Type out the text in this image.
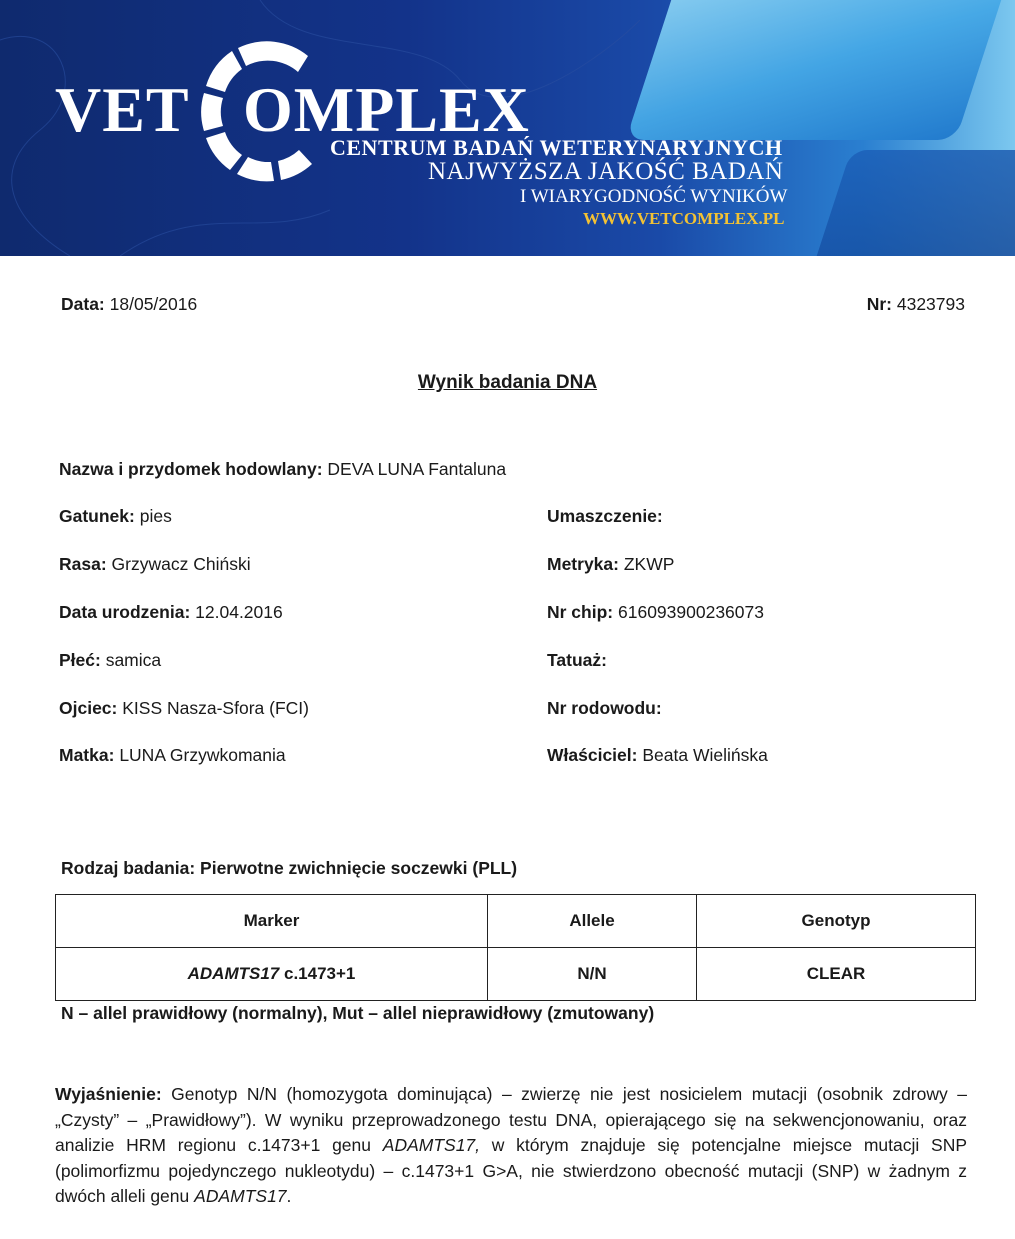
VET OMPLEX
CENTRUM BADAŃ WETERYNARYJNYCH
NAJWYŻSZA JAKOŚĆ BADAŃ
I WIARYGODNOŚĆ WYNIKÓW
WWW.VETCOMPLEX.PL
Data: 18/05/2016	Nr: 4323793
Wynik badania DNA
Nazwa i przydomek hodowlany: DEVA LUNA Fantaluna
Gatunek: pies
Rasa: Grzywacz Chiński
Data urodzenia: 12.04.2016
Płeć: samica
Ojciec: KISS Nasza-Sfora (FCI)
Matka: LUNA Grzywkomania
Umaszczenie:
Metryka: ZKWP
Nr chip: 616093900236073
Tatuaż:
Nr rodowodu:
Właściciel: Beata Wielińska
Rodzaj badania: Pierwotne zwichnięcie soczewki (PLL)
Marker	Allele	Genotyp
ADAMTS17 c.1473+1	N/N	CLEAR
N – allel prawidłowy (normalny), Mut – allel nieprawidłowy (zmutowany)
Wyjaśnienie: Genotyp N/N (homozygota dominująca) – zwierzę nie jest nosicielem mutacji (osobnik zdrowy – „Czysty” – „Prawidłowy”). W wyniku przeprowadzonego testu DNA, opierającego się na sekwencjonowaniu, oraz analizie HRM regionu c.1473+1 genu ADAMTS17, w którym znajduje się potencjalne miejsce mutacji SNP (polimorfizmu pojedynczego nukleotydu) – c.1473+1 G>A, nie stwierdzono obecność mutacji (SNP) w żadnym z dwóch alleli genu ADAMTS17.
